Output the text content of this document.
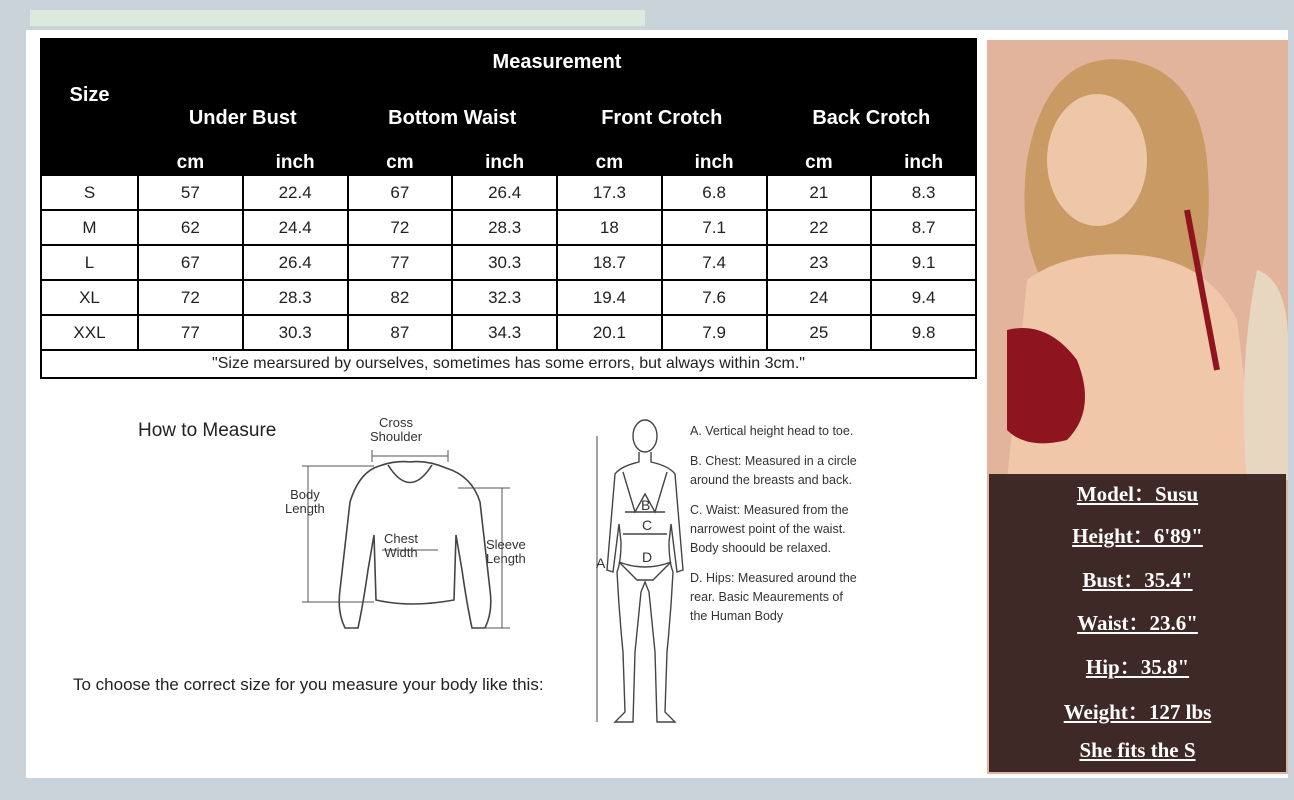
Size	Measurement							
	Under Bust		Bottom Waist		Front Crotch		Back Crotch	
	cm	inch	cm	inch	cm	inch	cm	inch
S	57	22.4	67	26.4	17.3	6.8	21	8.3
M	62	24.4	72	28.3	18	7.1	22	8.7
L	67	26.4	77	30.3	18.7	7.4	23	9.1
XL	72	28.3	82	32.3	19.4	7.6	24	9.4
XXL	77	30.3	87	34.3	20.1	7.9	25	9.8
"Size mearsured by ourselves, sometimes has some errors, but always within 3cm."								
How to Measure
To choose the correct size for you measure your body like this:
Cross
Shoulder
Body
Length
Chest
Width
Sleeve
Length	A
B
C
D

A. Vertical height head to toe.

B. Chest: Measured in a circle around the breasts and back.

C. Waist: Measured from the narrowest point of the waist. Body shoould be relaxed.

D. Hips: Measured around the rear. Basic Meaurements of the Human Body

Model：Susu
Height：6'89"
Bust：35.4"
Waist：23.6"
Hip：35.8"
Weight：127 lbs
She fits the S
